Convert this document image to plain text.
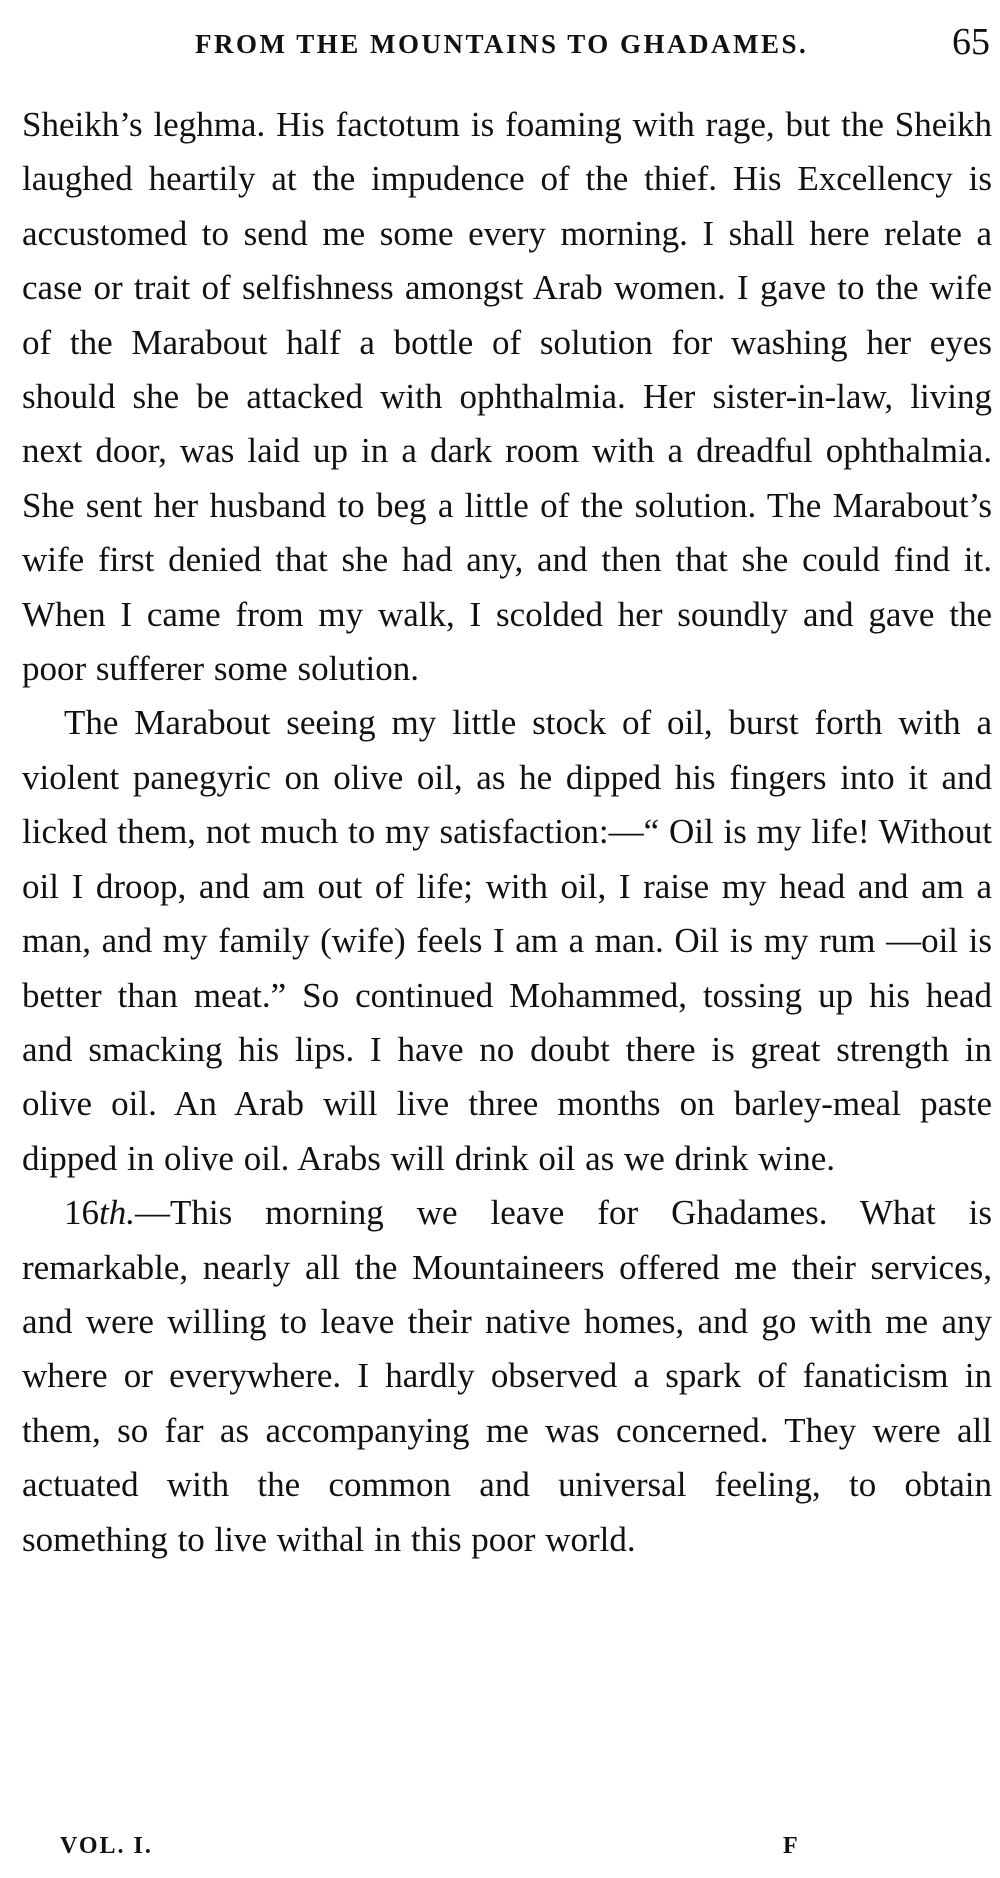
FROM THE MOUNTAINS TO GHADAMES.	65

Sheikh’s leghma. His factotum is foaming with rage, but the Sheikh laughed heartily at the impudence of the thief. His Excellency is accustomed to send me some every morning. I shall here relate a case or trait of selfishness amongst Arab women. I gave to the wife of the Marabout half a bottle of solution for washing her eyes should she be attacked with ophthalmia. Her sister-in-law, living next door, was laid up in a dark room with a dreadful ophthalmia. She sent her husband to beg a little of the solution. The Marabout’s wife first denied that she had any, and then that she could find it. When I came from my walk, I scolded her soundly and gave the poor sufferer some solution.

The Marabout seeing my little stock of oil, burst forth with a violent panegyric on olive oil, as he dipped his fingers into it and licked them, not much to my satisfaction:—“ Oil is my life! Without oil I droop, and am out of life; with oil, I raise my head and am a man, and my family (wife) feels I am a man. Oil is my rum —oil is better than meat.” So continued Mohammed, tossing up his head and smacking his lips. I have no doubt there is great strength in olive oil. An Arab will live three months on barley-meal paste dipped in olive oil. Arabs will drink oil as we drink wine.

16th.—This morning we leave for Ghadames. What is remarkable, nearly all the Mountaineers offered me their services, and were willing to leave their native homes, and go with me any where or everywhere. I hardly observed a spark of fanaticism in them, so far as accompanying me was concerned. They were all actuated with the common and universal feeling, to obtain something to live withal in this poor world.

VOL. I.	F
